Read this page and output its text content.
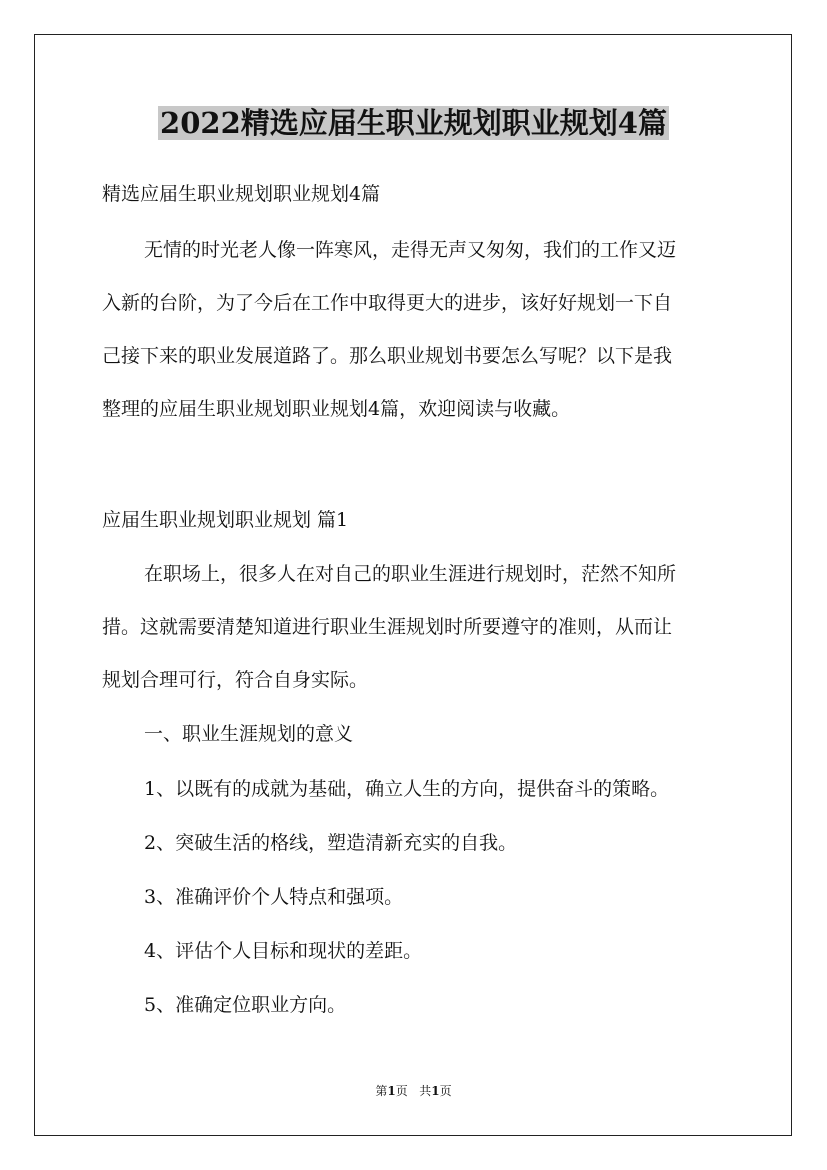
2022精选应届生职业规划职业规划4篇
精选应届生职业规划职业规划4篇
无情的时光老人像一阵寒风，走得无声又匆匆，我们的工作又迈
入新的台阶，为了今后在工作中取得更大的进步，该好好规划一下自
己接下来的职业发展道路了。那么职业规划书要怎么写呢？以下是我
整理的应届生职业规划职业规划4篇，欢迎阅读与收藏。
应届生职业规划职业规划 篇1
在职场上，很多人在对自己的职业生涯进行规划时，茫然不知所
措。这就需要清楚知道进行职业生涯规划时所要遵守的准则，从而让
规划合理可行，符合自身实际。
一、职业生涯规划的意义
1、以既有的成就为基础，确立人生的方向，提供奋斗的策略。
2、突破生活的格线，塑造清新充实的自我。
3、准确评价个人特点和强项。
4、评估个人目标和现状的差距。
5、准确定位职业方向。
第1页 共1页
